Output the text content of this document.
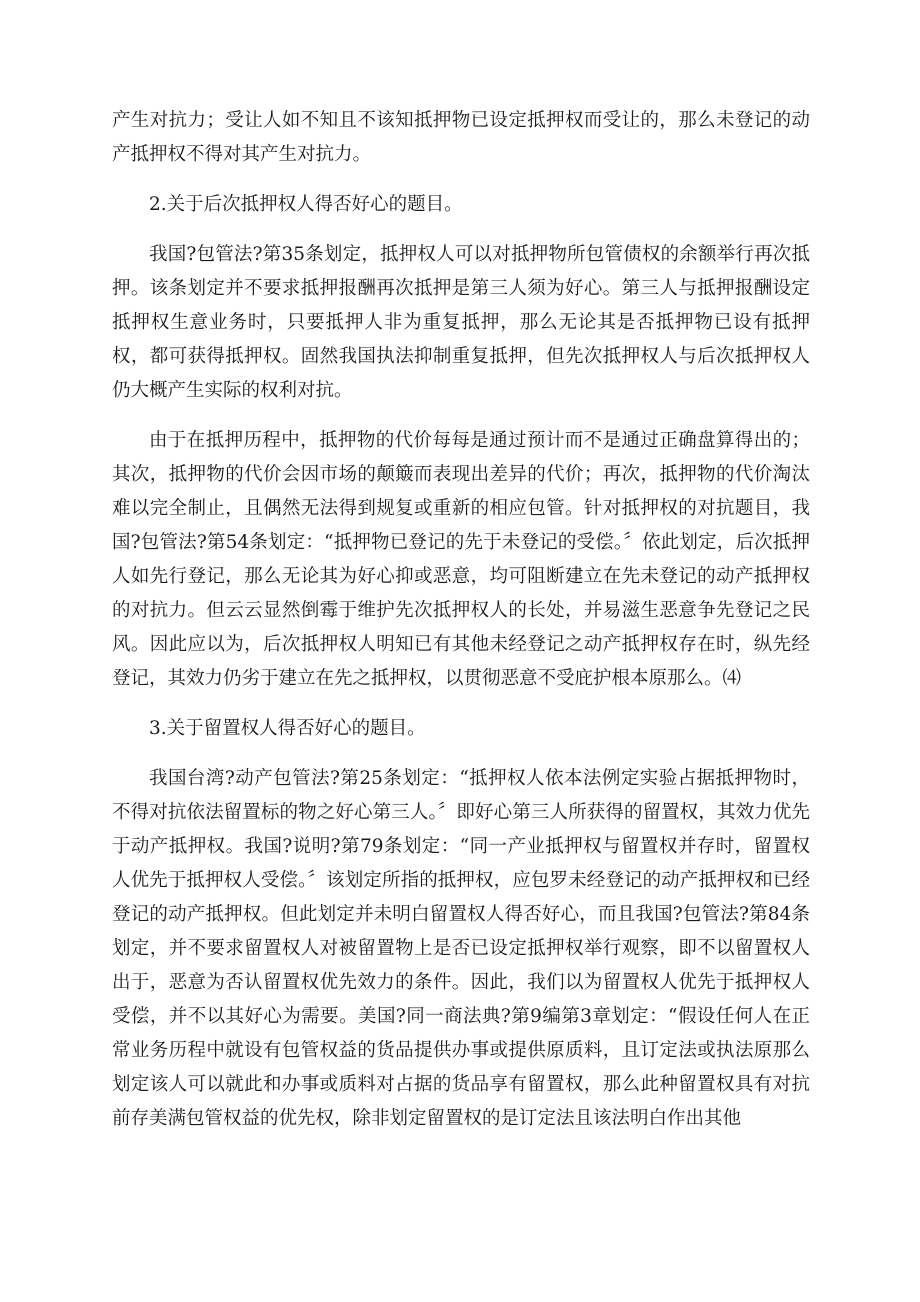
产生对抗力；受让人如不知且不该知抵押物已设定抵押权而受让的，那么未登记的动产抵押权不得对其产生对抗力。

2.关于后次抵押权人得否好心的题目。

我国?包管法?第35条划定，抵押权人可以对抵押物所包管债权的余额举行再次抵押。该条划定并不要求抵押报酬再次抵押是第三人须为好心。第三人与抵押报酬设定抵押权生意业务时，只要抵押人非为重复抵押，那么无论其是否抵押物已设有抵押权，都可获得抵押权。固然我国执法抑制重复抵押，但先次抵押权人与后次抵押权人仍大概产生实际的权利对抗。

由于在抵押历程中，抵押物的代价每每是通过预计而不是通过正确盘算得出的；其次，抵押物的代价会因市场的颠簸而表现出差异的代价；再次，抵押物的代价淘汰难以完全制止，且偶然无法得到规复或重新的相应包管。针对抵押权的对抗题目，我国?包管法?第54条划定：“抵押物已登记的先于未登记的受偿。〞依此划定，后次抵押人如先行登记，那么无论其为好心抑或恶意，均可阻断建立在先未登记的动产抵押权的对抗力。但云云显然倒霉于维护先次抵押权人的长处，并易滋生恶意争先登记之民风。因此应以为，后次抵押权人明知已有其他未经登记之动产抵押权存在时，纵先经登记，其效力仍劣于建立在先之抵押权，以贯彻恶意不受庇护根本原那么。⑷

3.关于留置权人得否好心的题目。

我国台湾?动产包管法?第25条划定：“抵押权人依本法例定实验占据抵押物时，不得对抗依法留置标的物之好心第三人。〞即好心第三人所获得的留置权，其效力优先于动产抵押权。我国?说明?第79条划定：“同一产业抵押权与留置权并存时，留置权人优先于抵押权人受偿。〞该划定所指的抵押权，应包罗未经登记的动产抵押权和已经登记的动产抵押权。但此划定并未明白留置权人得否好心，而且我国?包管法?第84条划定，并不要求留置权人对被留置物上是否已设定抵押权举行观察，即不以留置权人出于，恶意为否认留置权优先效力的条件。因此，我们以为留置权人优先于抵押权人受偿，并不以其好心为需要。美国?同一商法典?第9编第3章划定：“假设任何人在正常业务历程中就设有包管权益的货品提供办事或提供原质料，且订定法或执法原那么划定该人可以就此和办事或质料对占据的货品享有留置权，那么此种留置权具有对抗前存美满包管权益的优先权，除非划定留置权的是订定法且该法明白作出其他
